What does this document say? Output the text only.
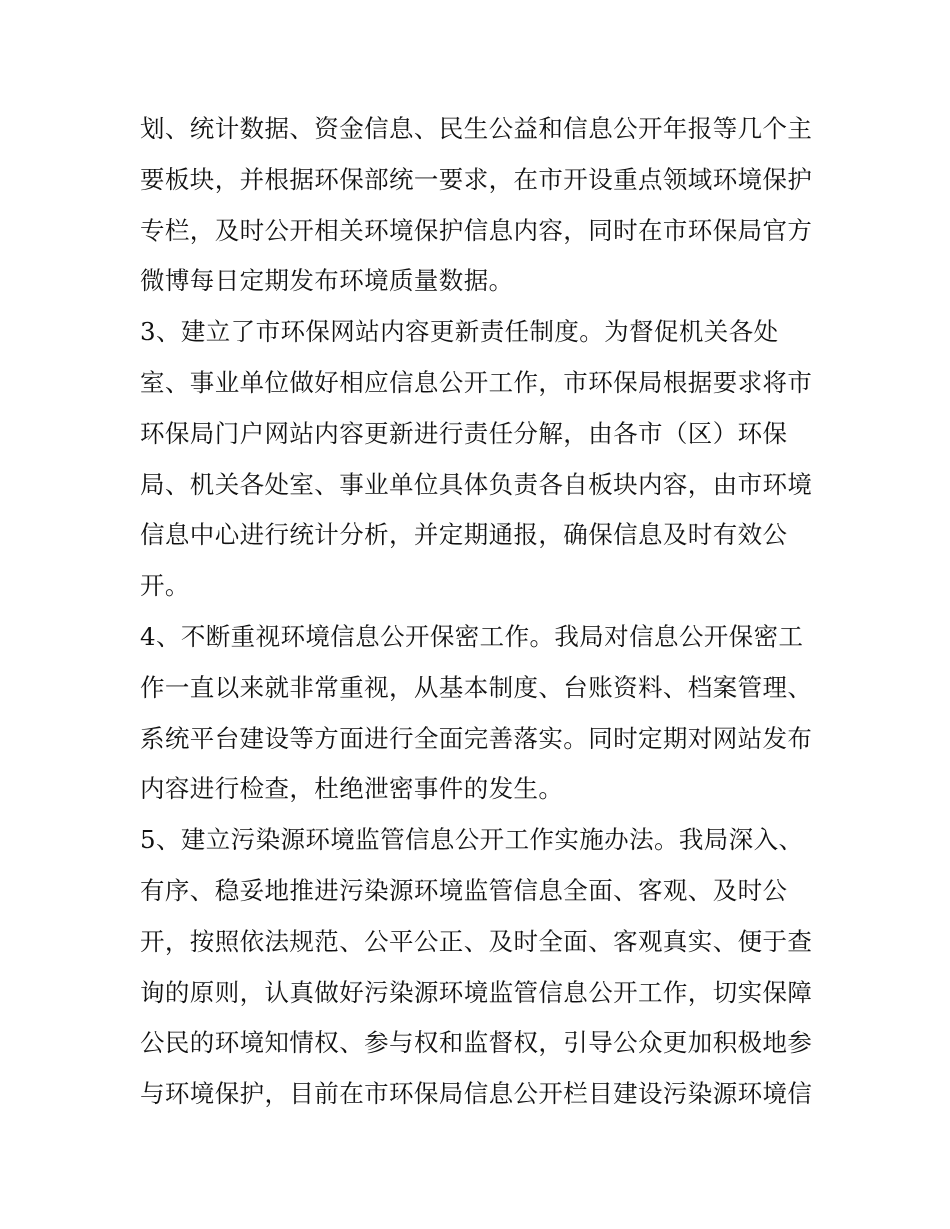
划、统计数据、资金信息、民生公益和信息公开年报等几个主
要板块，并根据环保部统一要求，在市开设重点领域环境保护
专栏，及时公开相关环境保护信息内容，同时在市环保局官方
微博每日定期发布环境质量数据。
3、建立了市环保网站内容更新责任制度。为督促机关各处
室、事业单位做好相应信息公开工作，市环保局根据要求将市
环保局门户网站内容更新进行责任分解，由各市（区）环保
局、机关各处室、事业单位具体负责各自板块内容，由市环境
信息中心进行统计分析，并定期通报，确保信息及时有效公
开。
4、不断重视环境信息公开保密工作。我局对信息公开保密工
作一直以来就非常重视，从基本制度、台账资料、档案管理、
系统平台建设等方面进行全面完善落实。同时定期对网站发布
内容进行检查，杜绝泄密事件的发生。
5、建立污染源环境监管信息公开工作实施办法。我局深入、
有序、稳妥地推进污染源环境监管信息全面、客观、及时公
开，按照依法规范、公平公正、及时全面、客观真实、便于查
询的原则，认真做好污染源环境监管信息公开工作，切实保障
公民的环境知情权、参与权和监督权，引导公众更加积极地参
与环境保护，目前在市环保局信息公开栏目建设污染源环境信
